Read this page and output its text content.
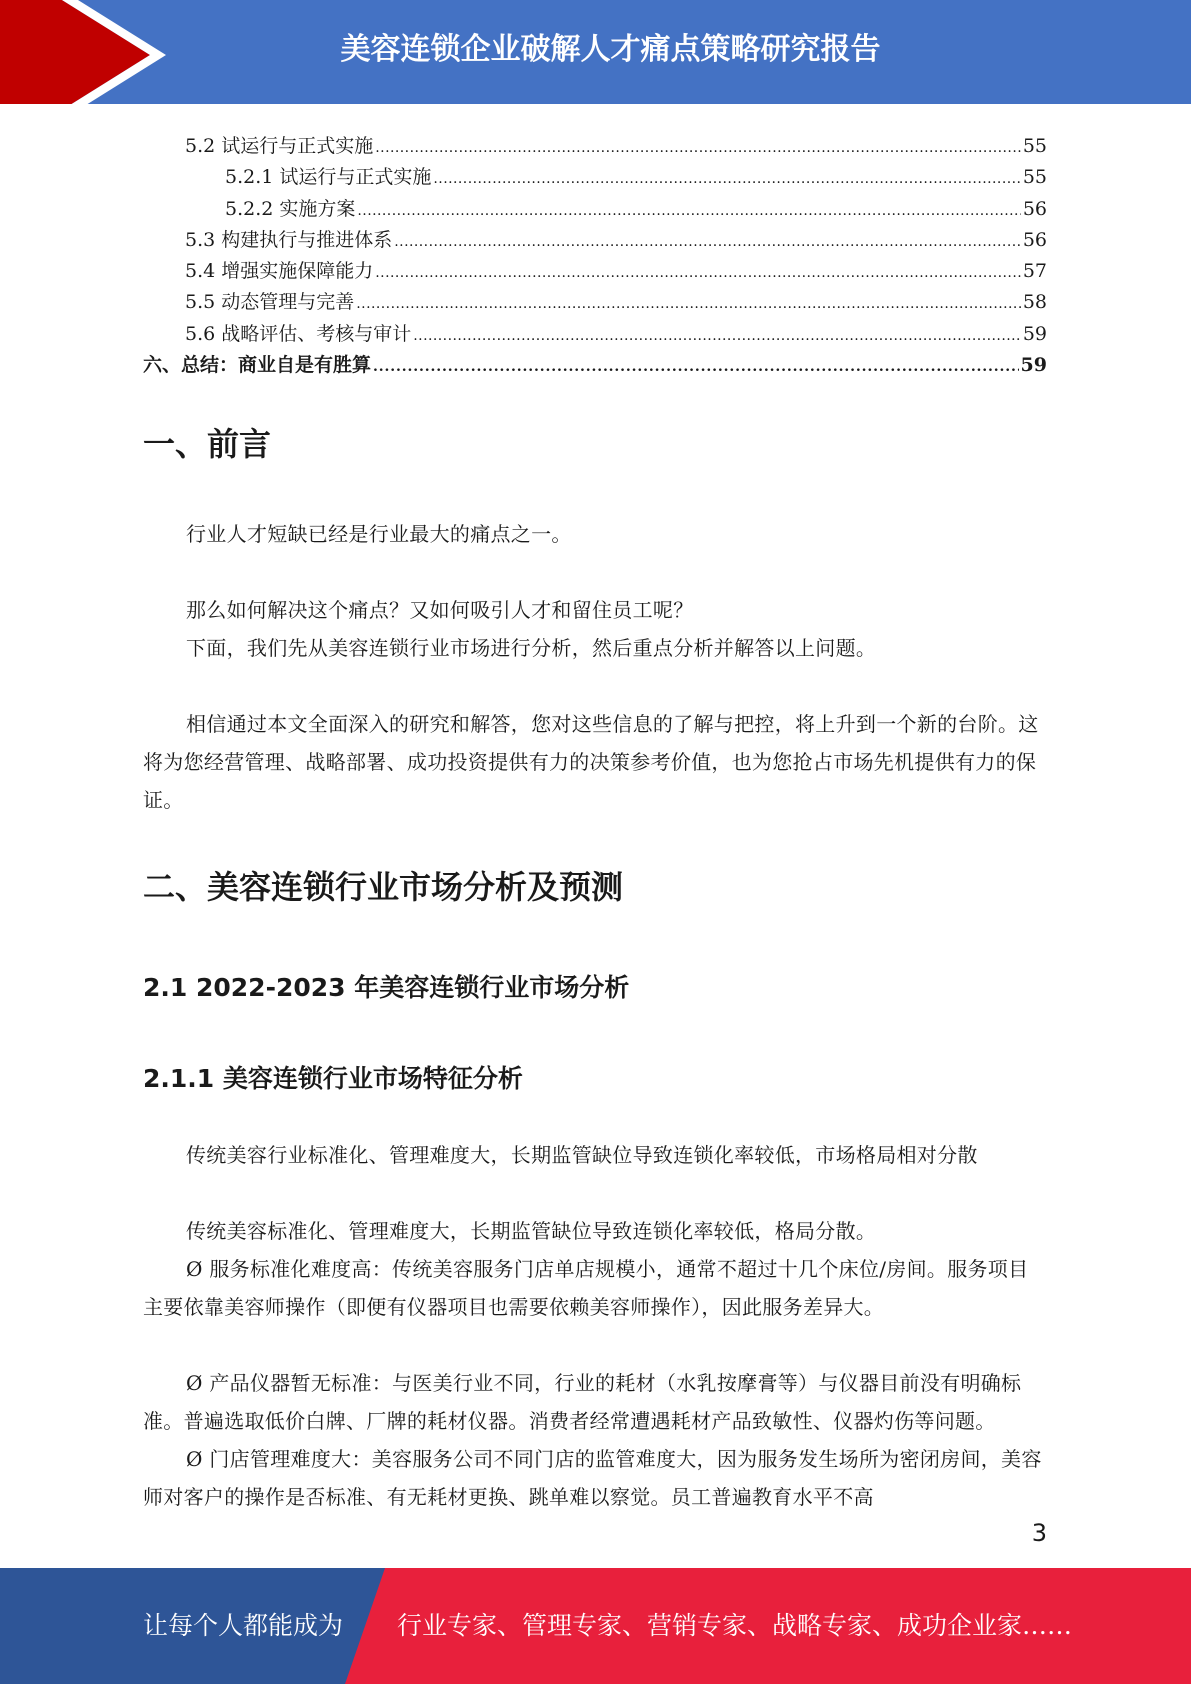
美容连锁企业破解人才痛点策略研究报告
5.2 试运行与正式实施 . . .	55
5.2.1 试运行与正式实施 . . .	55
5.2.2 实施方案 . . .	56
5.3 构建执行与推进体系 . . .	56
5.4 增强实施保障能力 . . .	57
5.5 动态管理与完善 . . .	58
5.6 战略评估、考核与审计 . . .	59
六、总结：商业自是有胜算 . . .	59
一、前言

行业人才短缺已经是行业最大的痛点之一。

那么如何解决这个痛点？又如何吸引人才和留住员工呢？

下面，我们先从美容连锁行业市场进行分析，然后重点分析并解答以上问题。

相信通过本文全面深入的研究和解答，您对这些信息的了解与把控，将上升到一个新的台阶。这将为您经营管理、战略部署、成功投资提供有力的决策参考价值，也为您抢占市场先机提供有力的保证。

二、美容连锁行业市场分析及预测
2.1 2022-2023 年美容连锁行业市场分析
2.1.1 美容连锁行业市场特征分析

传统美容行业标准化、管理难度大，长期监管缺位导致连锁化率较低，市场格局相对分散

传统美容标准化、管理难度大，长期监管缺位导致连锁化率较低，格局分散。

Ø 服务标准化难度高：传统美容服务门店单店规模小，通常不超过十几个床位/房间。服务项目主要依靠美容师操作（即便有仪器项目也需要依赖美容师操作），因此服务差异大。

Ø 产品仪器暂无标准：与医美行业不同，行业的耗材（水乳按摩膏等）与仪器目前没有明确标准。普遍选取低价白牌、厂牌的耗材仪器。消费者经常遭遇耗材产品致敏性、仪器灼伤等问题。

Ø 门店管理难度大：美容服务公司不同门店的监管难度大，因为服务发生场所为密闭房间，美容师对客户的操作是否标准、有无耗材更换、跳单难以察觉。员工普遍教育水平不高

3
让每个人都能成为 行业专家、管理专家、营销专家、战略专家、成功企业家……
